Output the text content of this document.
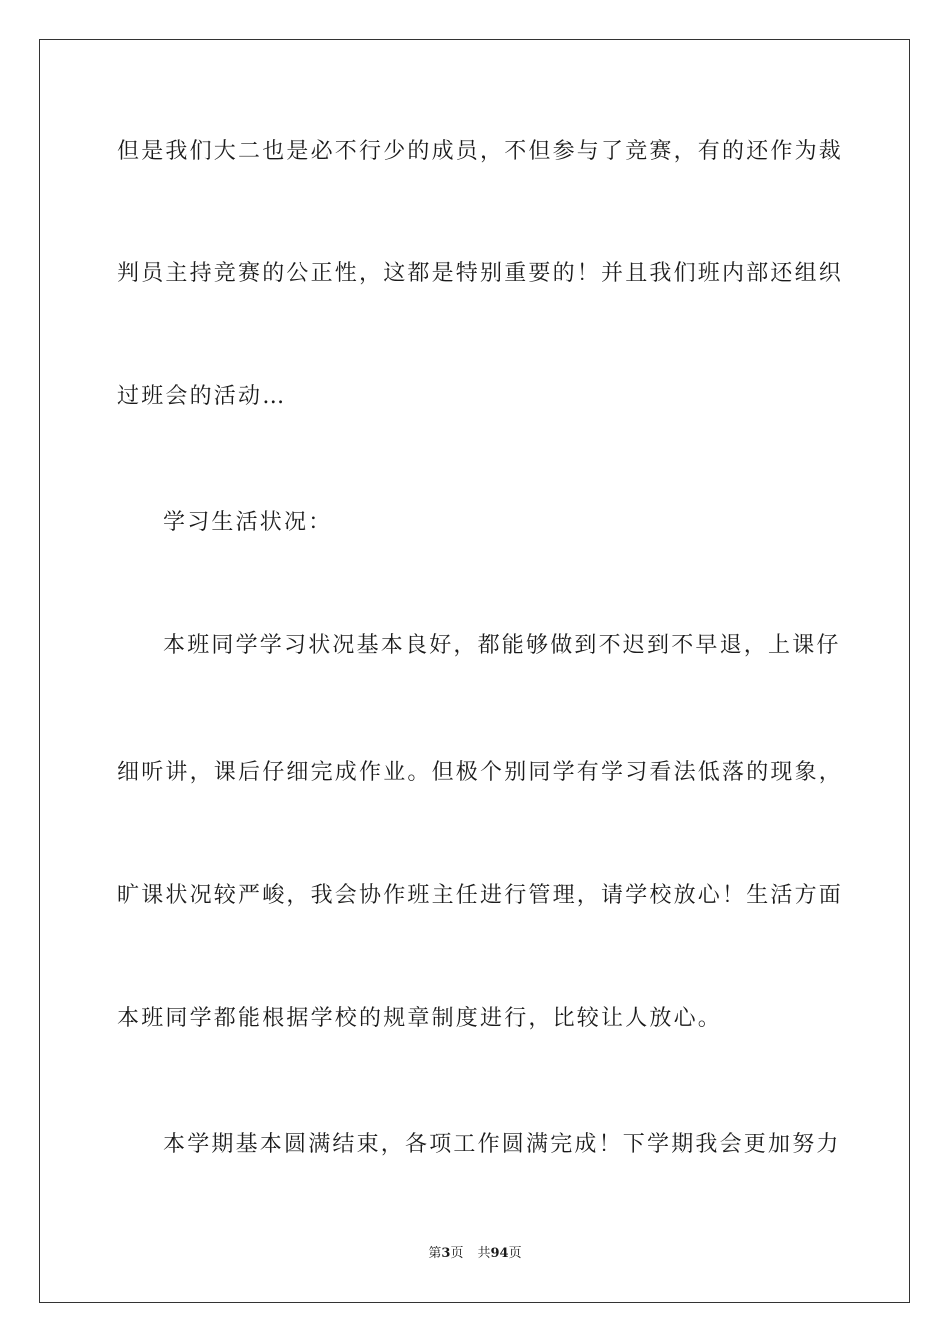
但是我们大二也是必不行少的成员，不但参与了竞赛，有的还作为裁
判员主持竞赛的公正性，这都是特别重要的！并且我们班内部还组织
过班会的活动…
学习生活状况：
本班同学学习状况基本良好，都能够做到不迟到不早退，上课仔
细听讲，课后仔细完成作业。但极个别同学有学习看法低落的现象，
旷课状况较严峻，我会协作班主任进行管理，请学校放心！生活方面
本班同学都能根据学校的规章制度进行，比较让人放心。
本学期基本圆满结束，各项工作圆满完成！下学期我会更加努力
第3页 共94页
